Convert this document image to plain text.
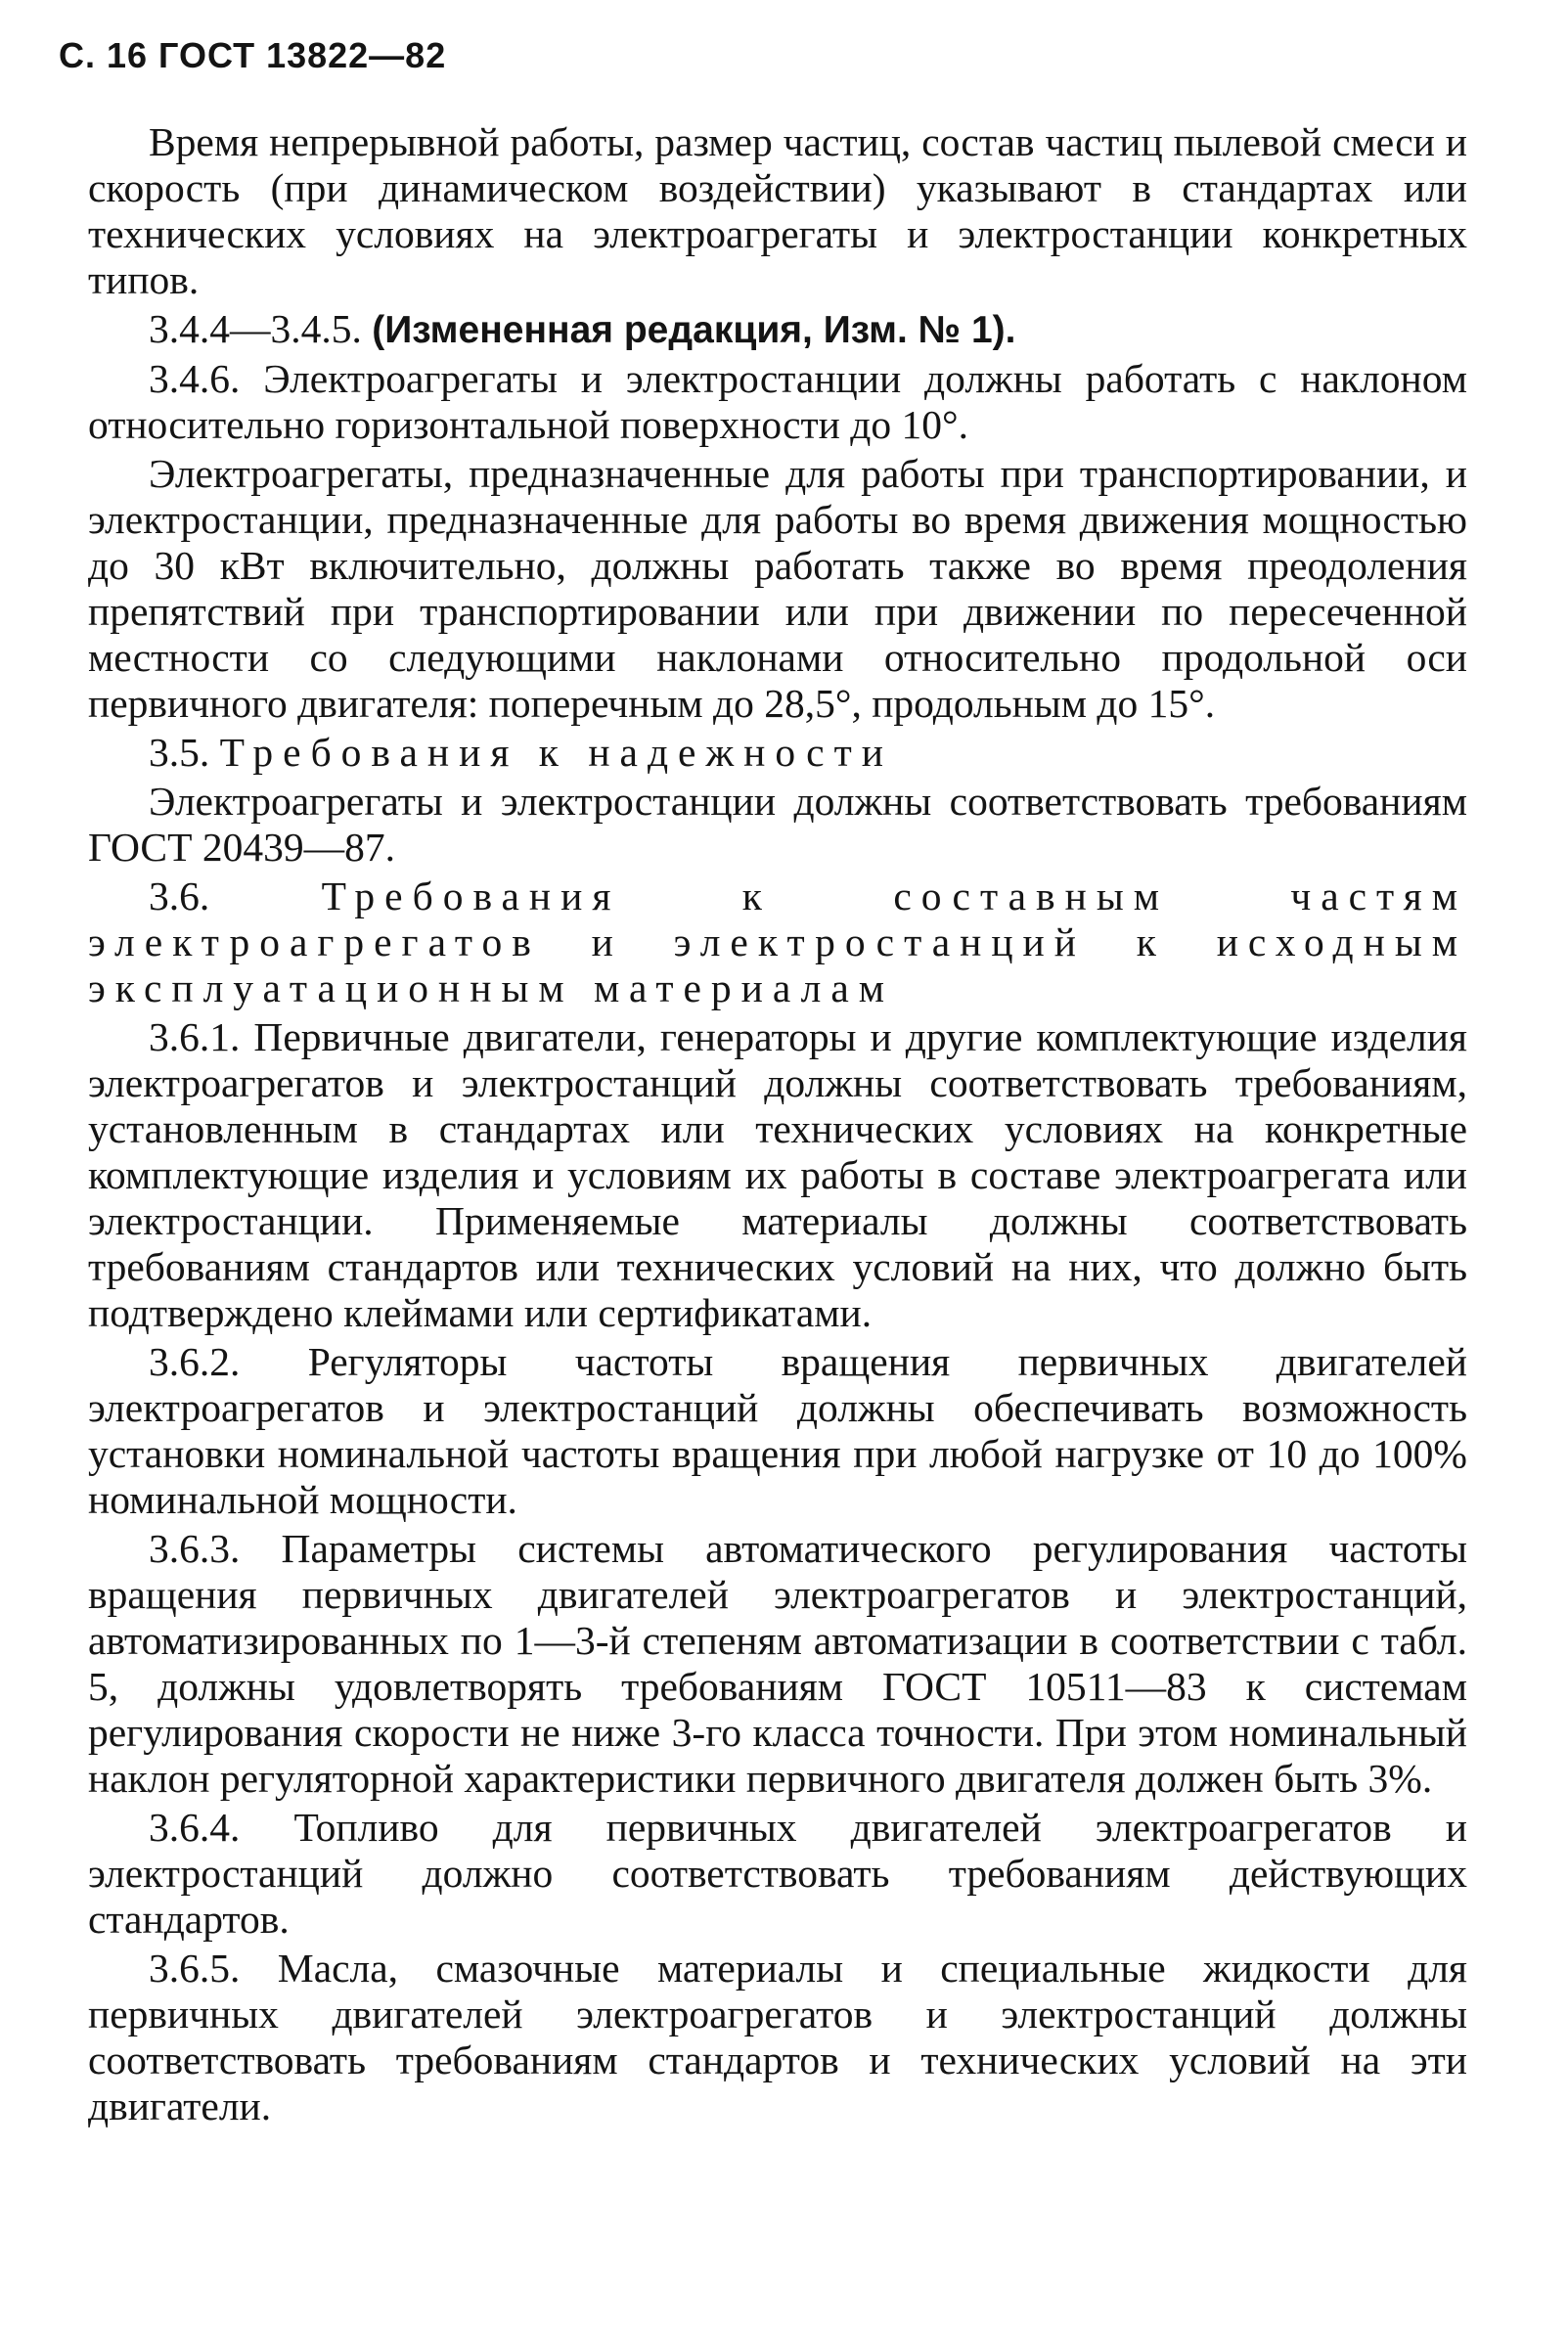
С. 16 ГОСТ 13822—82

Время непрерывной работы, размер частиц, состав частиц пылевой смеси и скорость (при динамическом воздействии) указывают в стандартах или технических условиях на электроагрегаты и электростанции конкретных типов.

3.4.4—3.4.5. (Измененная редакция, Изм. № 1).

3.4.6. Электроагрегаты и электростанции должны работать с наклоном относительно горизонтальной поверхности до 10°.

Электроагрегаты, предназначенные для работы при транспортировании, и электростанции, предназначенные для работы во время движения мощностью до 30 кВт включительно, должны работать также во время преодоления препятствий при транспортировании или при движении по пересеченной местности со следующими наклонами относительно продольной оси первичного двигателя: поперечным до 28,5°, продольным до 15°.

3.5. Требования к надежности

Электроагрегаты и электростанции должны соответствовать требованиям ГОСТ 20439—87.

3.6.	Требования к составным частям электроагрегатов и электростанций к исходным эксплуатационным материалам

3.6.1. Первичные двигатели, генераторы и другие комплектующие изделия электроагрегатов и электростанций должны соответствовать требованиям, установленным в стандартах или технических условиях на конкретные комплектующие изделия и условиям их работы в составе электроагрегата или электростанции. Применяемые материалы должны соответствовать требованиям стандартов или технических условий на них, что должно быть подтверждено клеймами или сертификатами.

3.6.2. Регуляторы частоты вращения первичных двигателей электроагрегатов и электростанций должны обеспечивать возможность установки номинальной частоты вращения при любой нагрузке от 10 до 100% номинальной мощности.

3.6.3. Параметры системы автоматического регулирования частоты вращения первичных двигателей электроагрегатов и электростанций, автоматизированных по 1—3-й степеням автоматизации в соответствии с табл. 5, должны удовлетворять требованиям ГОСТ 10511—83 к системам регулирования скорости не ниже 3-го класса точности. При этом номинальный наклон регуляторной характеристики первичного двигателя должен быть 3%.

3.6.4. Топливо для первичных двигателей электроагрегатов и электростанций должно соответствовать требованиям действующих стандартов.

3.6.5. Масла, смазочные материалы и специальные жидкости для первичных двигателей электроагрегатов и электростанций должны соответствовать требованиям стандартов и технических условий на эти двигатели.
